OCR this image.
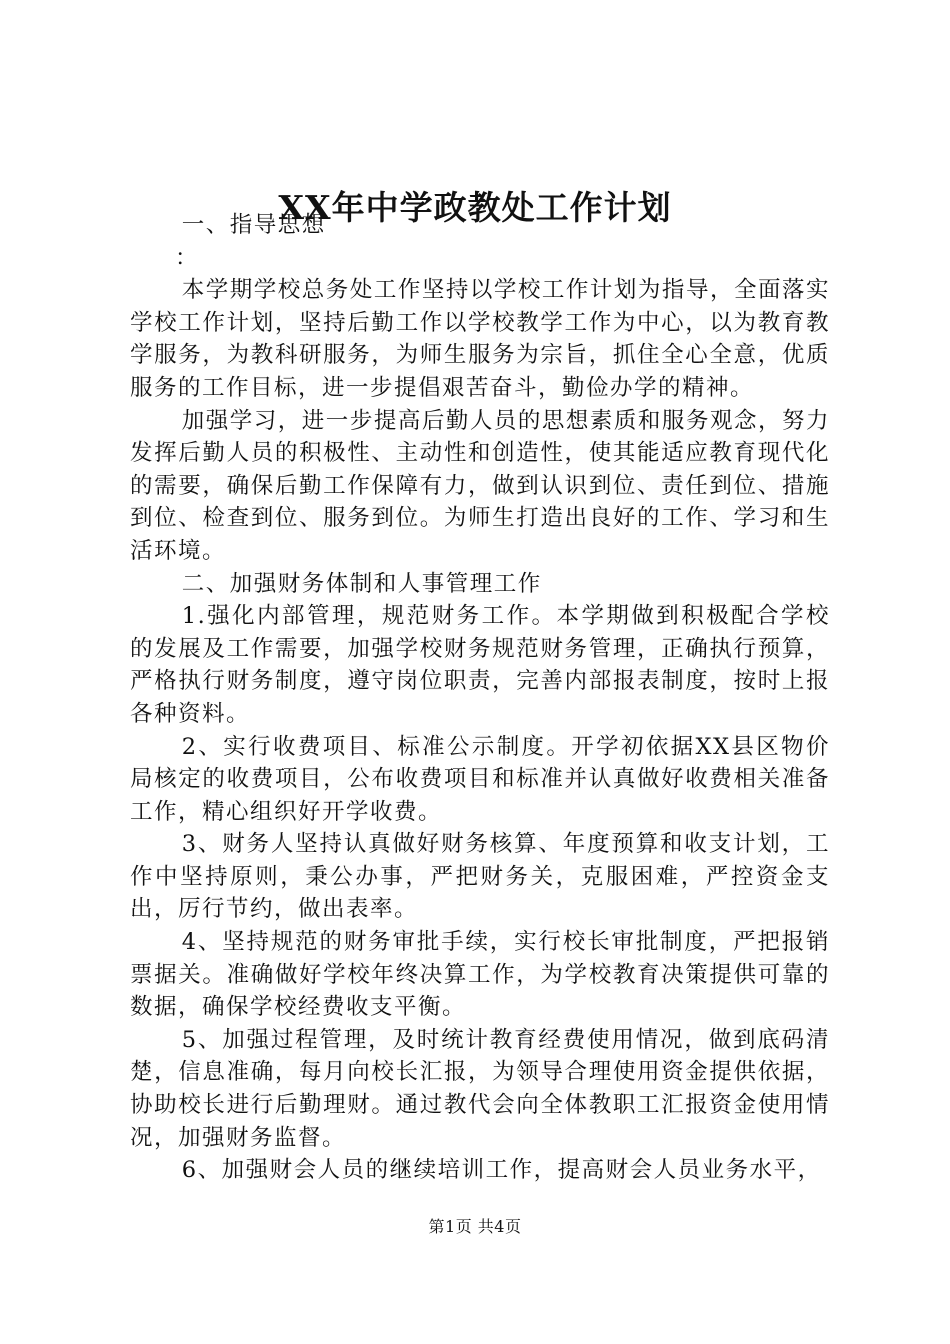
XX年中学政教处工作计划

一、指导思想

：

本学期学校总务处工作坚持以学校工作计划为指导，全面落实学校工作计划，坚持后勤工作以学校教学工作为中心，以为教育教学服务，为教科研服务，为师生服务为宗旨，抓住全心全意，优质服务的工作目标，进一步提倡艰苦奋斗，勤俭办学的精神。

加强学习，进一步提高后勤人员的思想素质和服务观念，努力发挥后勤人员的积极性、主动性和创造性，使其能适应教育现代化的需要，确保后勤工作保障有力，做到认识到位、责任到位、措施到位、检查到位、服务到位。为师生打造出良好的工作、学习和生活环境。

二、加强财务体制和人事管理工作

1.强化内部管理，规范财务工作。本学期做到积极配合学校的发展及工作需要，加强学校财务规范财务管理，正确执行预算，严格执行财务制度，遵守岗位职责，完善内部报表制度，按时上报各种资料。

2、实行收费项目、标准公示制度。开学初依据XX县区物价局核定的收费项目，公布收费项目和标准并认真做好收费相关准备工作，精心组织好开学收费。

3、财务人坚持认真做好财务核算、年度预算和收支计划，工作中坚持原则，秉公办事，严把财务关，克服困难，严控资金支出，厉行节约，做出表率。

4、坚持规范的财务审批手续，实行校长审批制度，严把报销票据关。准确做好学校年终决算工作，为学校教育决策提供可靠的数据，确保学校经费收支平衡。

5、加强过程管理，及时统计教育经费使用情况，做到底码清楚，信息准确，每月向校长汇报，为领导合理使用资金提供依据，协助校长进行后勤理财。通过教代会向全体教职工汇报资金使用情况，加强财务监督。

6、加强财会人员的继续培训工作，提高财会人员业务水平，

第1页 共4页
